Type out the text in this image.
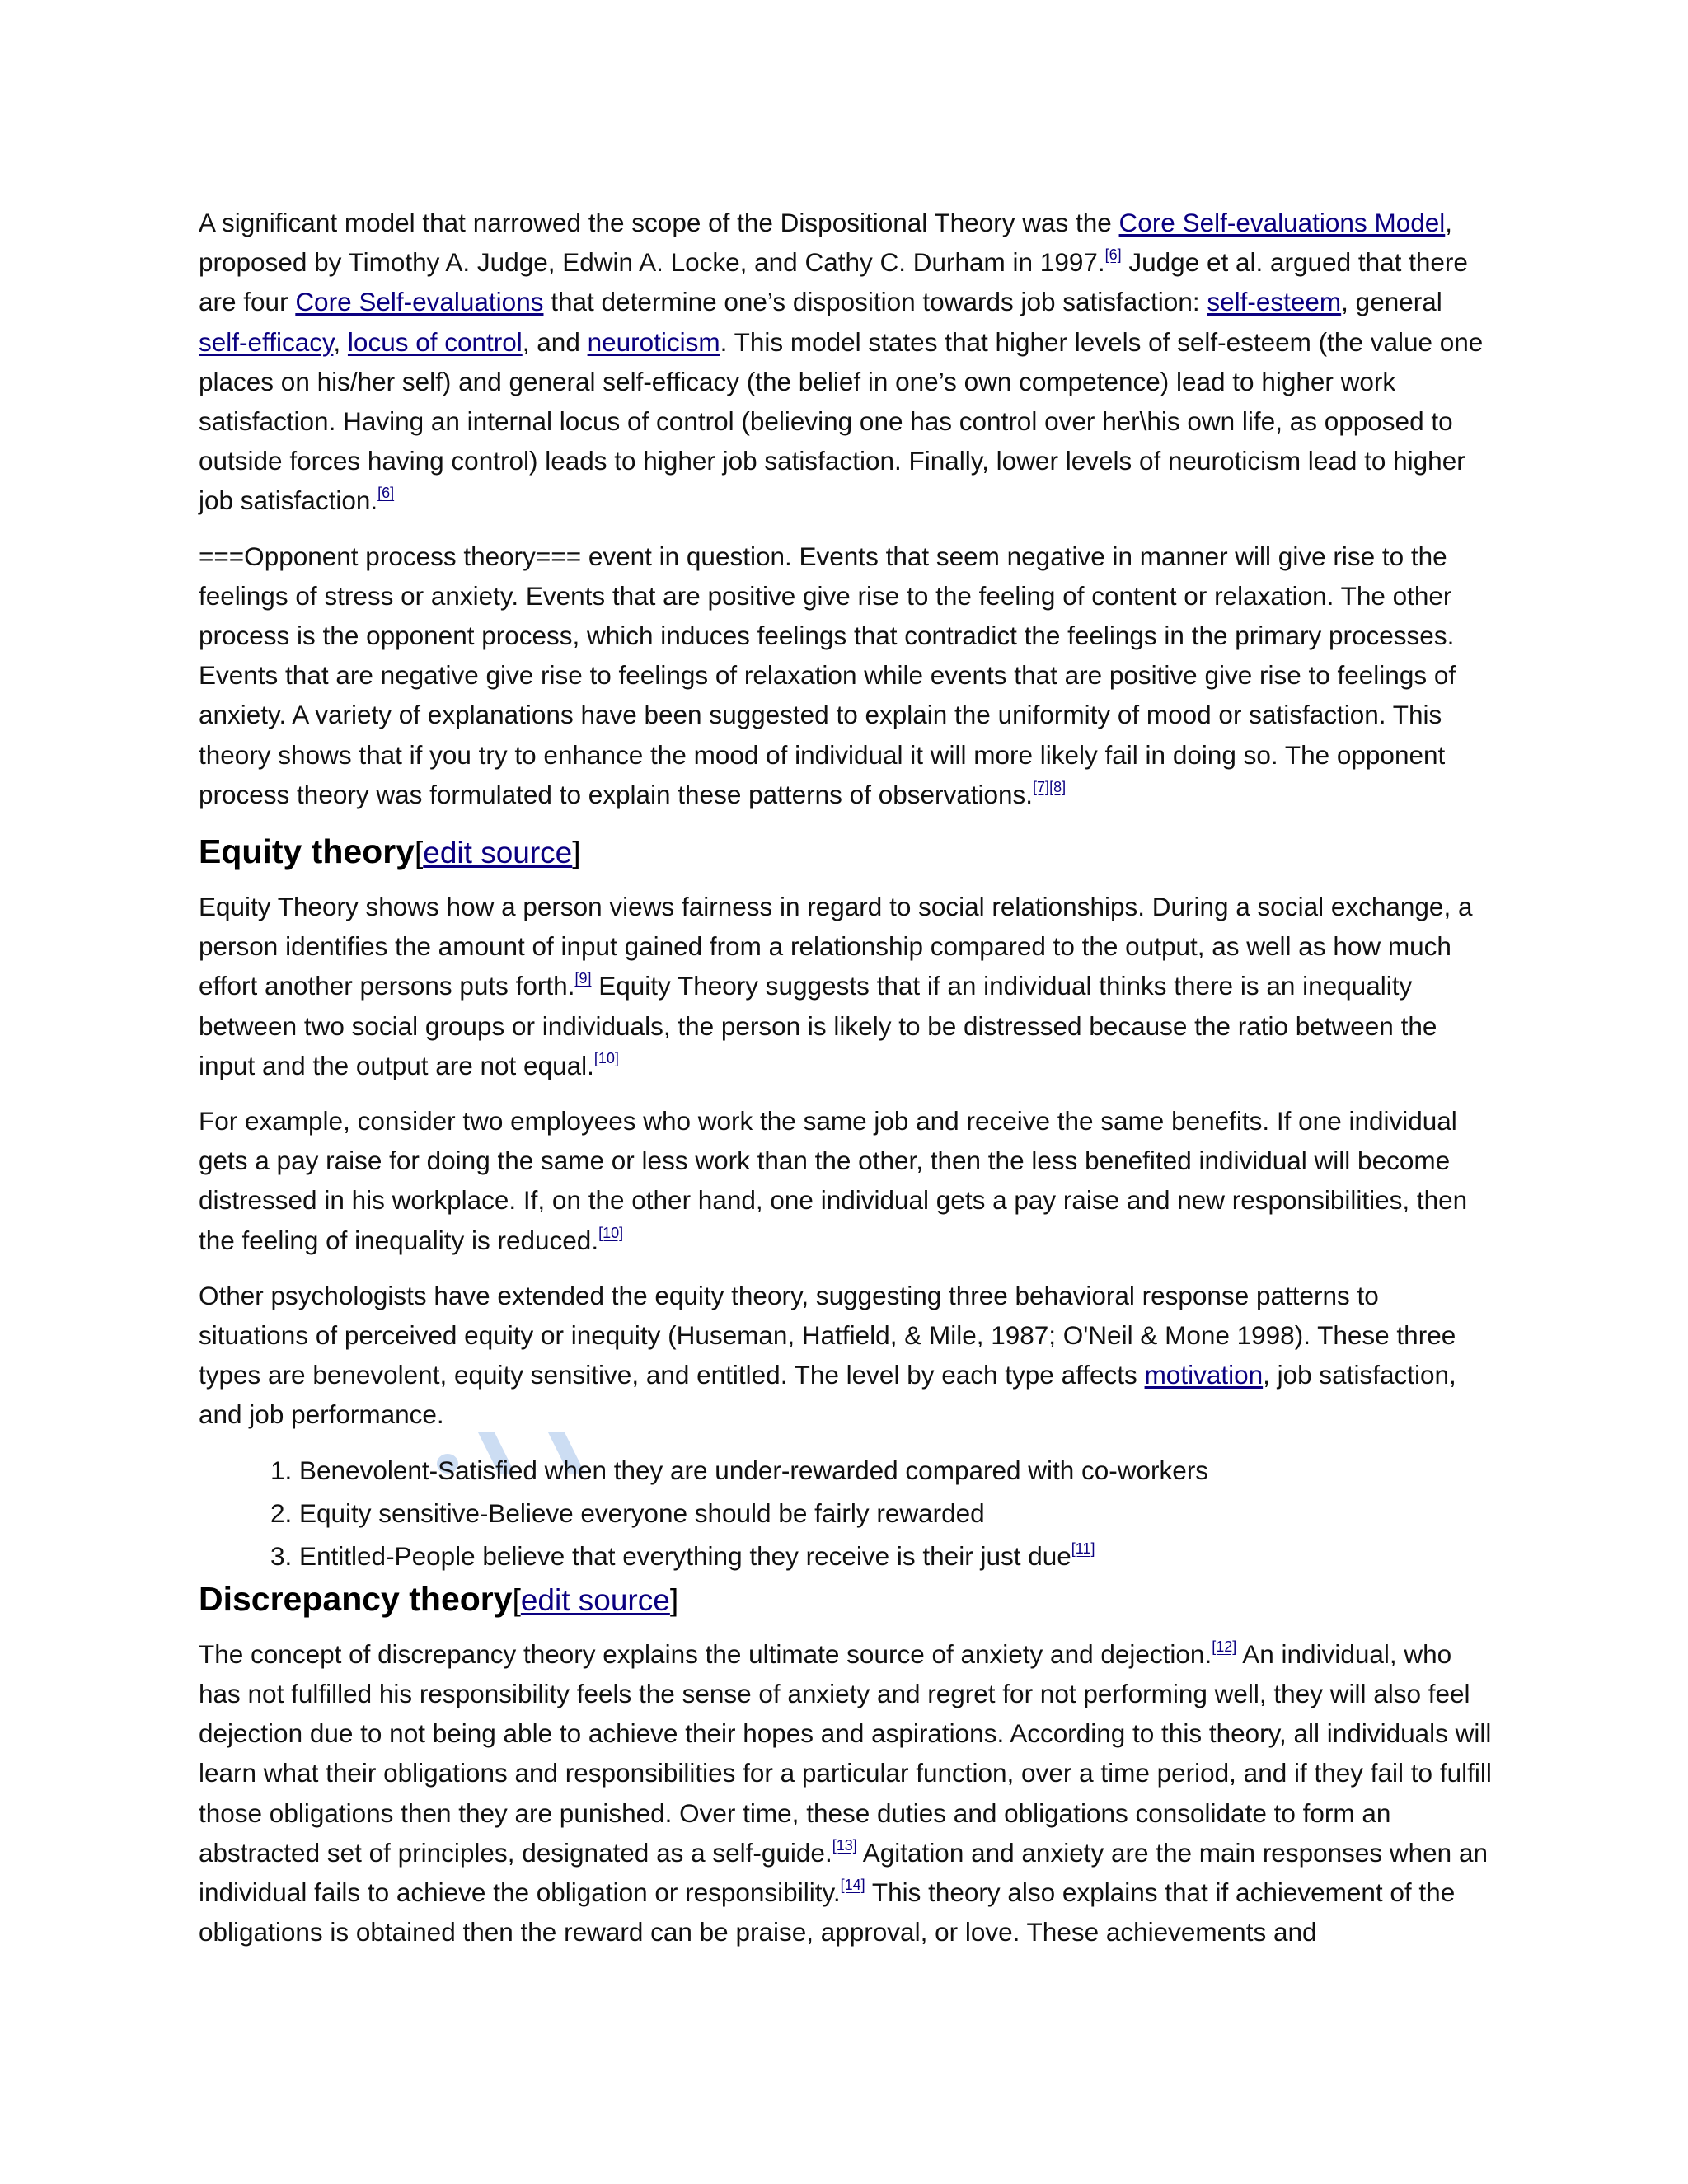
A significant model that narrowed the scope of the Dispositional Theory was the Core Self-evaluations Model, proposed by Timothy A. Judge, Edwin A. Locke, and Cathy C. Durham in 1997.[6] Judge et al. argued that there are four Core Self-evaluations that determine one’s disposition towards job satisfaction: self-esteem, general self-efficacy, locus of control, and neuroticism. This model states that higher levels of self-esteem (the value one places on his/her self) and general self-efficacy (the belief in one’s own competence) lead to higher work satisfaction. Having an internal locus of control (believing one has control over her\his own life, as opposed to outside forces having control) leads to higher job satisfaction. Finally, lower levels of neuroticism lead to higher job satisfaction.[6]

===Opponent process theory=== event in question. Events that seem negative in manner will give rise to the feelings of stress or anxiety. Events that are positive give rise to the feeling of content or relaxation. The other process is the opponent process, which induces feelings that contradict the feelings in the primary processes. Events that are negative give rise to feelings of relaxation while events that are positive give rise to feelings of anxiety. A variety of explanations have been suggested to explain the uniformity of mood or satisfaction. This theory shows that if you try to enhance the mood of individual it will more likely fail in doing so. The opponent process theory was formulated to explain these patterns of observations.[7][8]

Equity theory[edit source]

Equity Theory shows how a person views fairness in regard to social relationships. During a social exchange, a person identifies the amount of input gained from a relationship compared to the output, as well as how much effort another persons puts forth.[9] Equity Theory suggests that if an individual thinks there is an inequality between two social groups or individuals, the person is likely to be distressed because the ratio between the input and the output are not equal.[10]

For example, consider two employees who work the same job and receive the same benefits. If one individual gets a pay raise for doing the same or less work than the other, then the less benefited individual will become distressed in his workplace. If, on the other hand, one individual gets a pay raise and new responsibilities, then the feeling of inequality is reduced.[10]

Other psychologists have extended the equity theory, suggesting three behavioral response patterns to situations of perceived equity or inequity (Huseman, Hatfield, & Mile, 1987; O'Neil & Mone 1998). These three types are benevolent, equity sensitive, and entitled. The level by each type affects motivation, job satisfaction, and job performance.

1. Benevolent-Satisfied when they are under-rewarded compared with co-workers
2. Equity sensitive-Believe everyone should be fairly rewarded
3. Entitled-People believe that everything they receive is their just due[11]
Discrepancy theory[edit source]

The concept of discrepancy theory explains the ultimate source of anxiety and dejection.[12] An individual, who has not fulfilled his responsibility feels the sense of anxiety and regret for not performing well, they will also feel dejection due to not being able to achieve their hopes and aspirations. According to this theory, all individuals will learn what their obligations and responsibilities for a particular function, over a time period, and if they fail to fulfill those obligations then they are punished. Over time, these duties and obligations consolidate to form an abstracted set of principles, designated as a self-guide.[13] Agitation and anxiety are the main responses when an individual fails to achieve the obligation or responsibility.[14] This theory also explains that if achievement of the obligations is obtained then the reward can be praise, approval, or love. These achievements and
